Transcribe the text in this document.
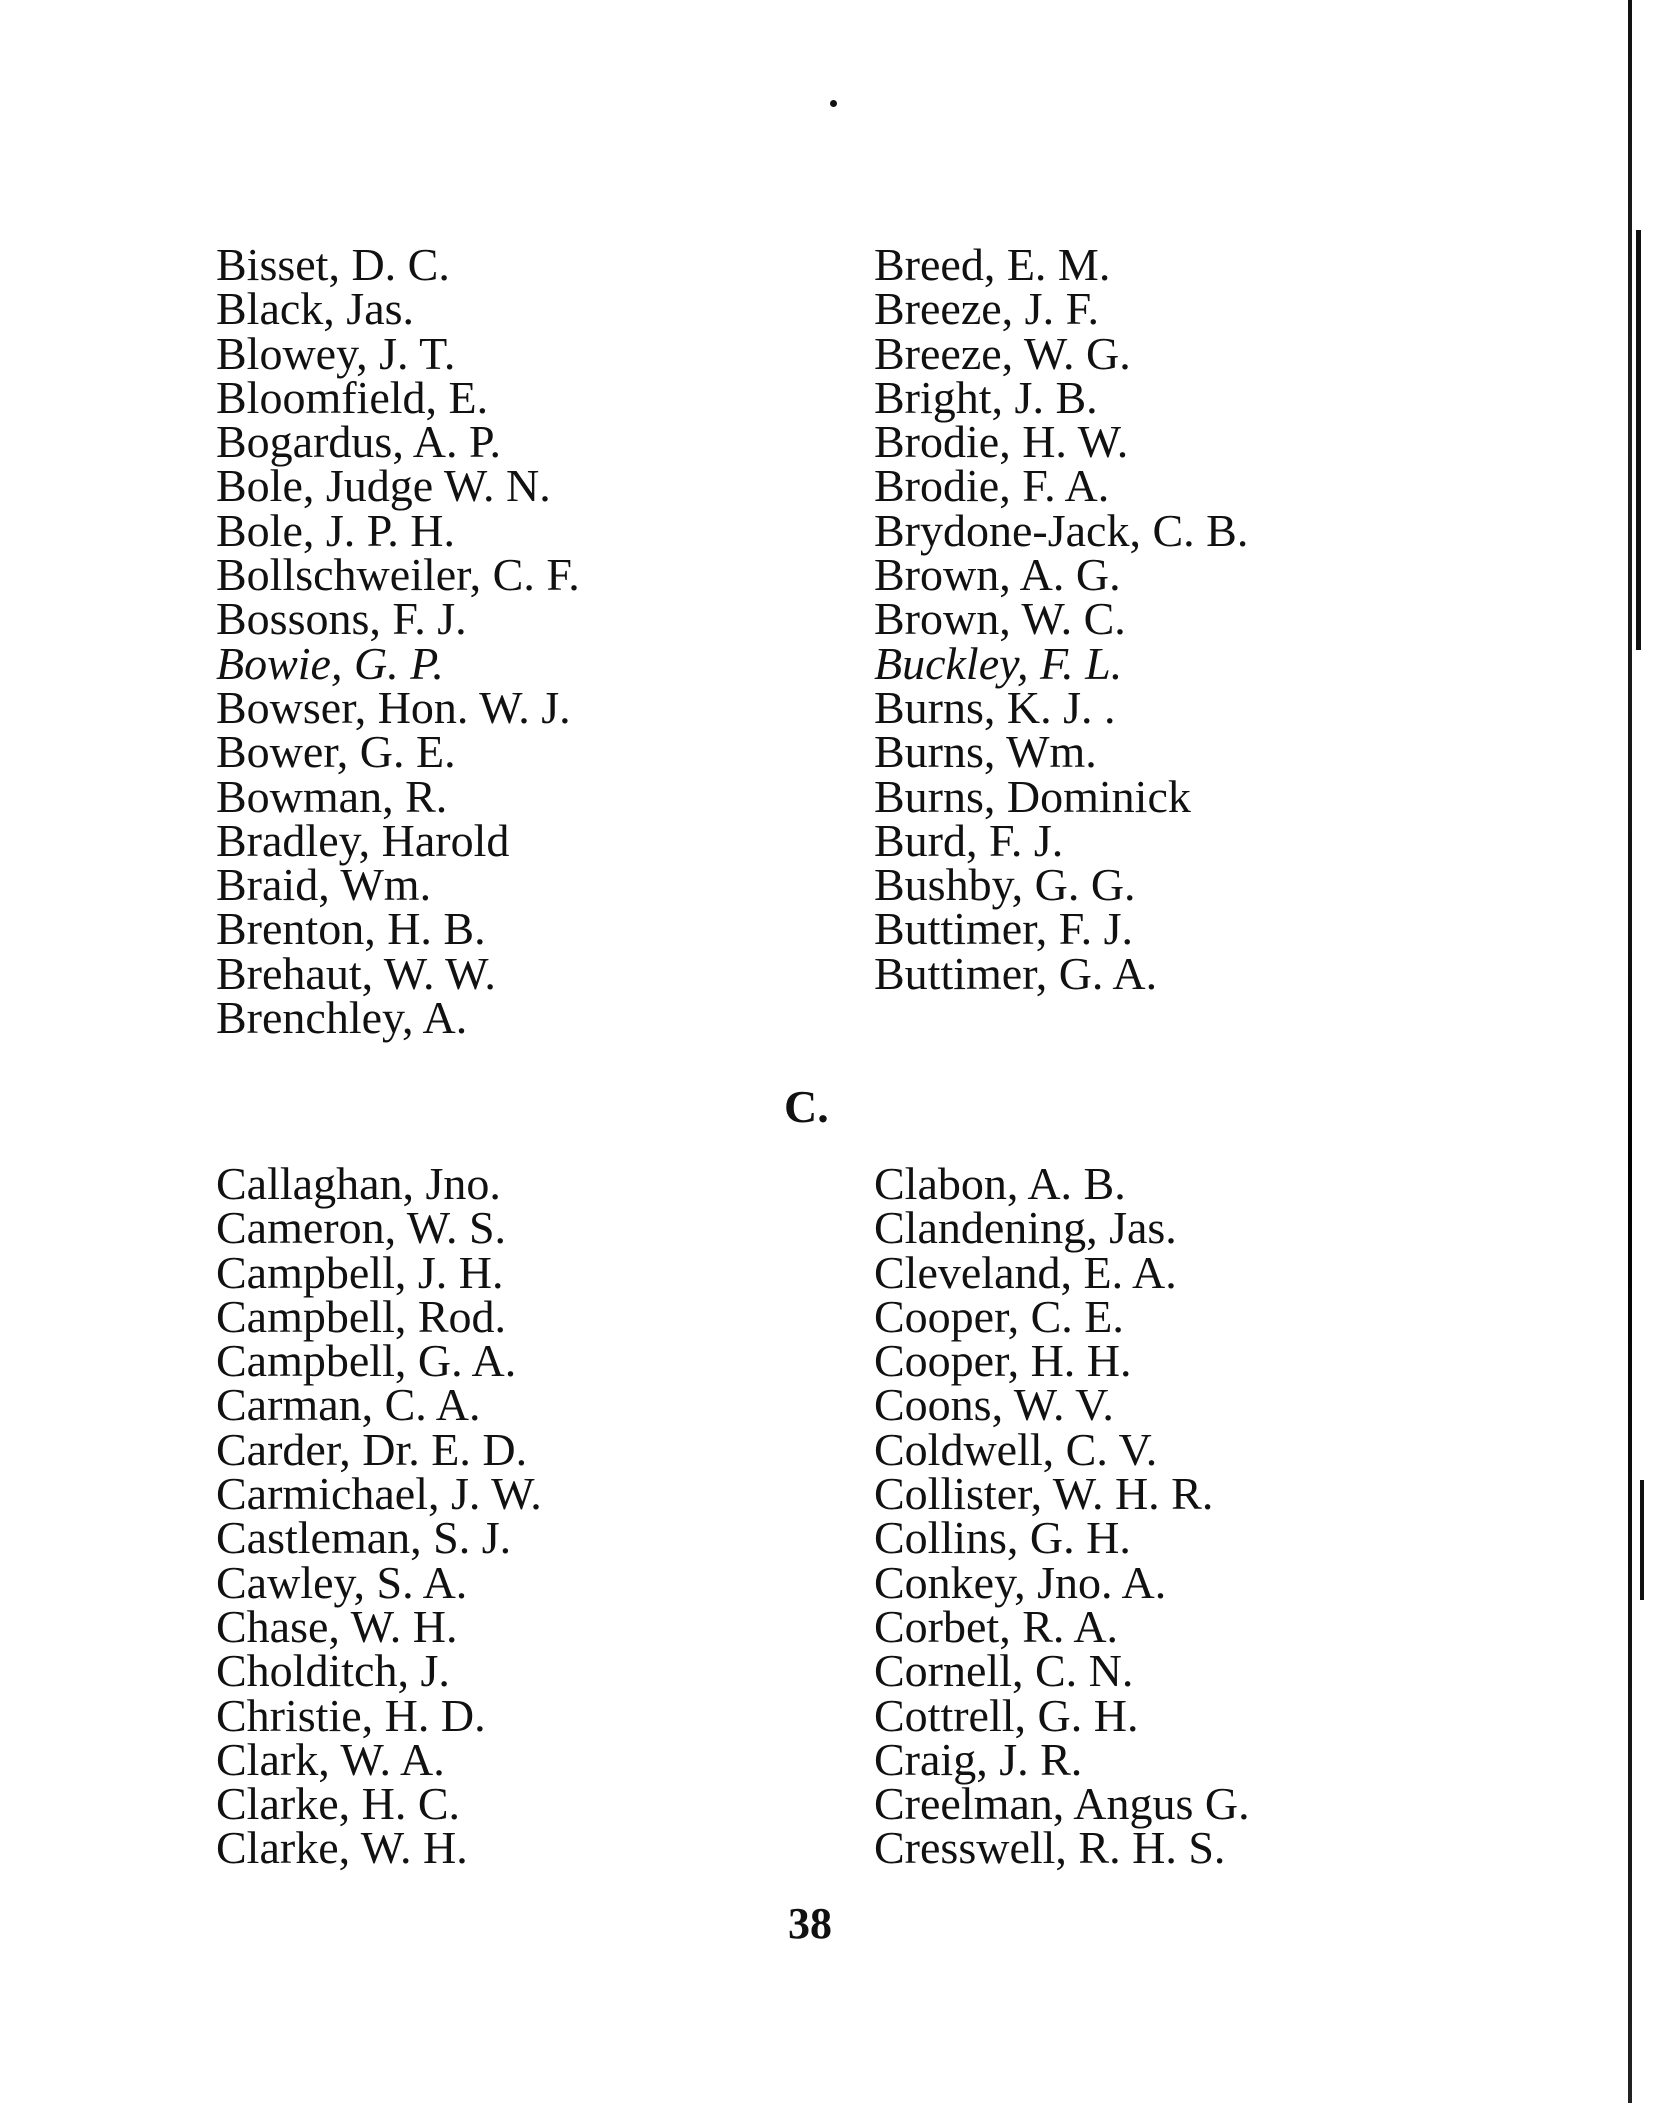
Bisset, D. C.
Black, Jas.
Blowey, J. T.
Bloomfield, E.
Bogardus, A. P.
Bole, Judge W. N.
Bole, J. P. H.
Bollschweiler, C. F.
Bossons, F. J.
Bowie, G. P.
Bowser, Hon. W. J.
Bower, G. E.
Bowman, R.
Bradley, Harold
Braid, Wm.
Brenton, H. B.
Brehaut, W. W.
Brenchley, A.
Breed, E. M.
Breeze, J. F.
Breeze, W. G.
Bright, J. B.
Brodie, H. W.
Brodie, F. A.
Brydone-Jack, C. B.
Brown, A. G.
Brown, W. C.
Buckley, F. L.
Burns, K. J. .
Burns, Wm.
Burns, Dominick
Burd, F. J.
Bushby, G. G.
Buttimer, F. J.
Buttimer, G. A.
C.
Callaghan, Jno.
Cameron, W. S.
Campbell, J. H.
Campbell, Rod.
Campbell, G. A.
Carman, C. A.
Carder, Dr. E. D.
Carmichael, J. W.
Castleman, S. J.
Cawley, S. A.
Chase, W. H.
Cholditch, J.
Christie, H. D.
Clark, W. A.
Clarke, H. C.
Clarke, W. H.
Clabon, A. B.
Clandening, Jas.
Cleveland, E. A.
Cooper, C. E.
Cooper, H. H.
Coons, W. V.
Coldwell, C. V.
Collister, W. H. R.
Collins, G. H.
Conkey, Jno. A.
Corbet, R. A.
Cornell, C. N.
Cottrell, G. H.
Craig, J. R.
Creelman, Angus G.
Cresswell, R. H. S.
38
